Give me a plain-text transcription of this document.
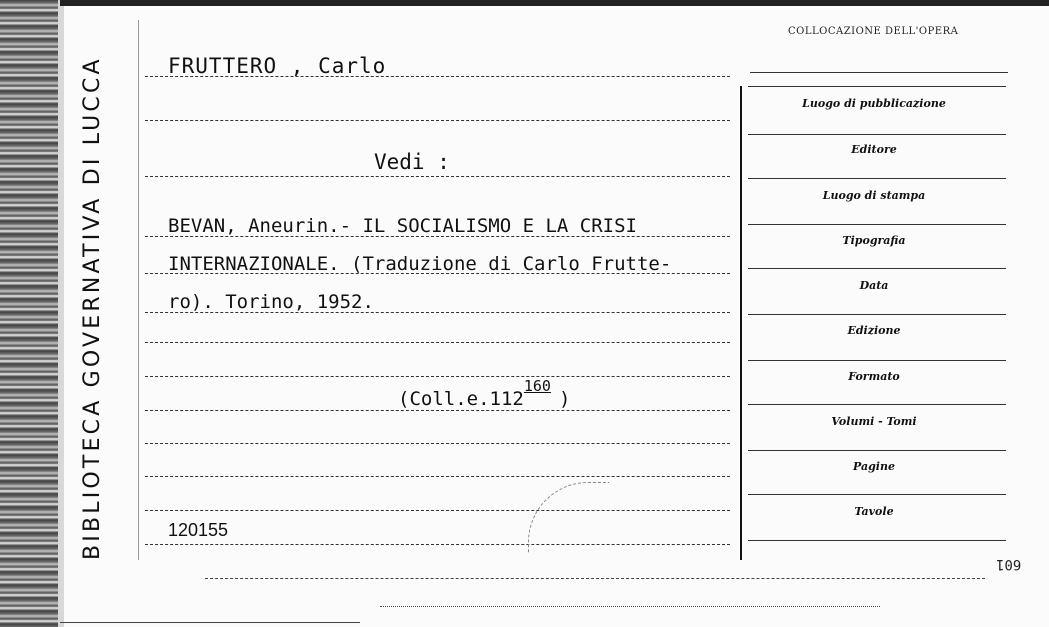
BIBLIOTECA GOVERNATIVA DI LUCCA	FRUTTERO , Carlo
Vedi :
BEVAN, Aneurin.- IL SOCIALISMO E LA CRISI
INTERNAZIONALE. (Traduzione di Carlo Frutte-
ro). Torino, 1952.
(Coll.e.112$^{160}$)
120155
COLLOCAZIONE DELL'OPERA
Luogo di pubblicazione
Editore
Luogo di stampa
Tipografia
Data
Edizione
Formato
Volumi - Tomi
Pagine
Tavole
601
